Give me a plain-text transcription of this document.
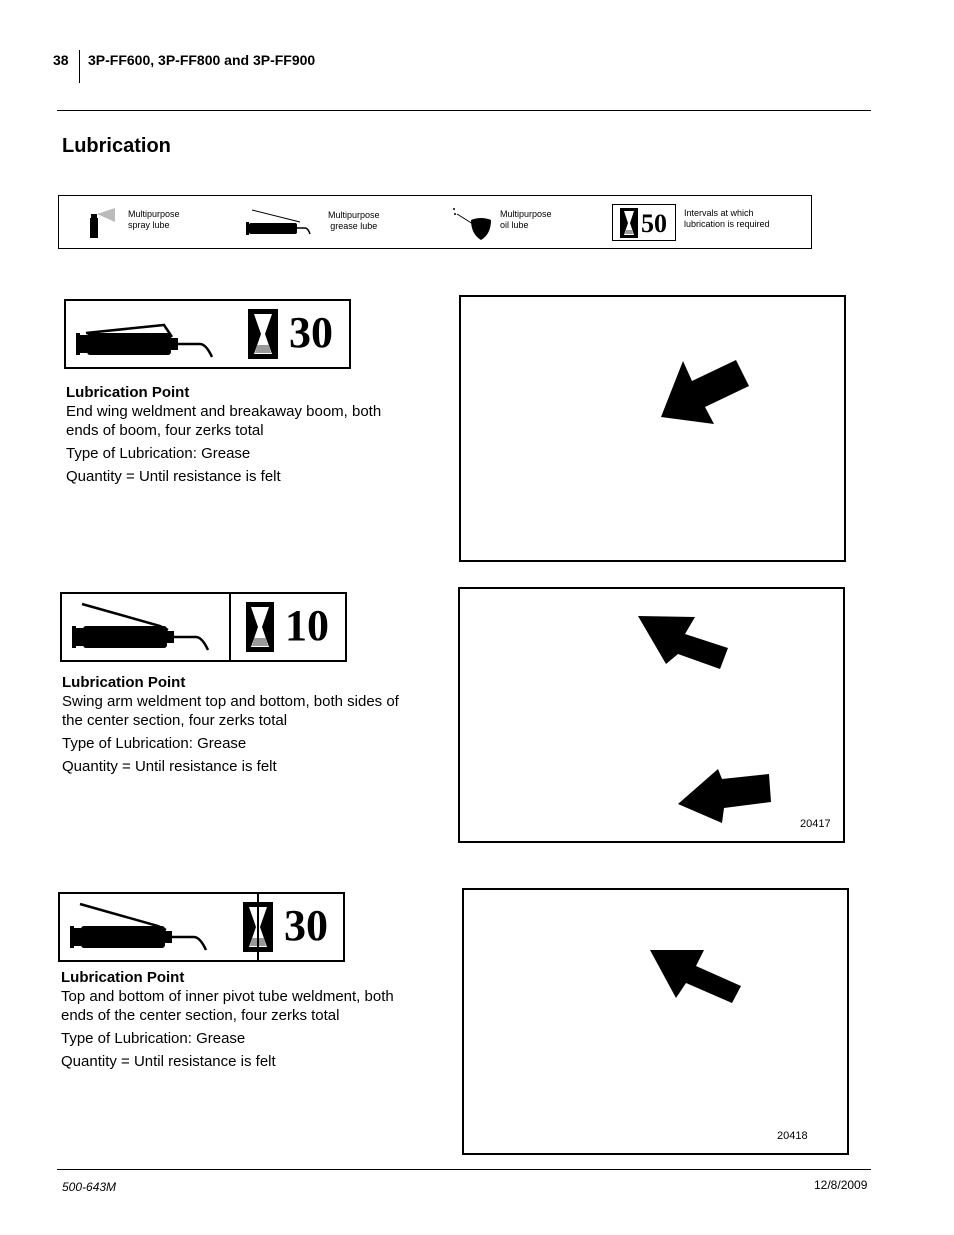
38 3P-FF600, 3P-FF800 and 3P-FF900
Lubrication
Multipurpose
spray lube
Multipurpose
grease lube
Multipurpose
oil lube	50 Intervals at which
lubrication is required
30

Lubrication Point

End wing weldment and breakaway boom, both ends of boom, four zerks total

Type of Lubrication: Grease

Quantity = Until resistance is felt

10

Lubrication Point

Swing arm weldment top and bottom, both sides of the center section, four zerks total

Type of Lubrication: Grease

Quantity = Until resistance is felt

20417
30

Lubrication Point

Top and bottom of inner pivot tube weldment, both ends of the center section, four zerks total

Type of Lubrication: Grease

Quantity = Until resistance is felt

20418
500-643M	12/8/2009
